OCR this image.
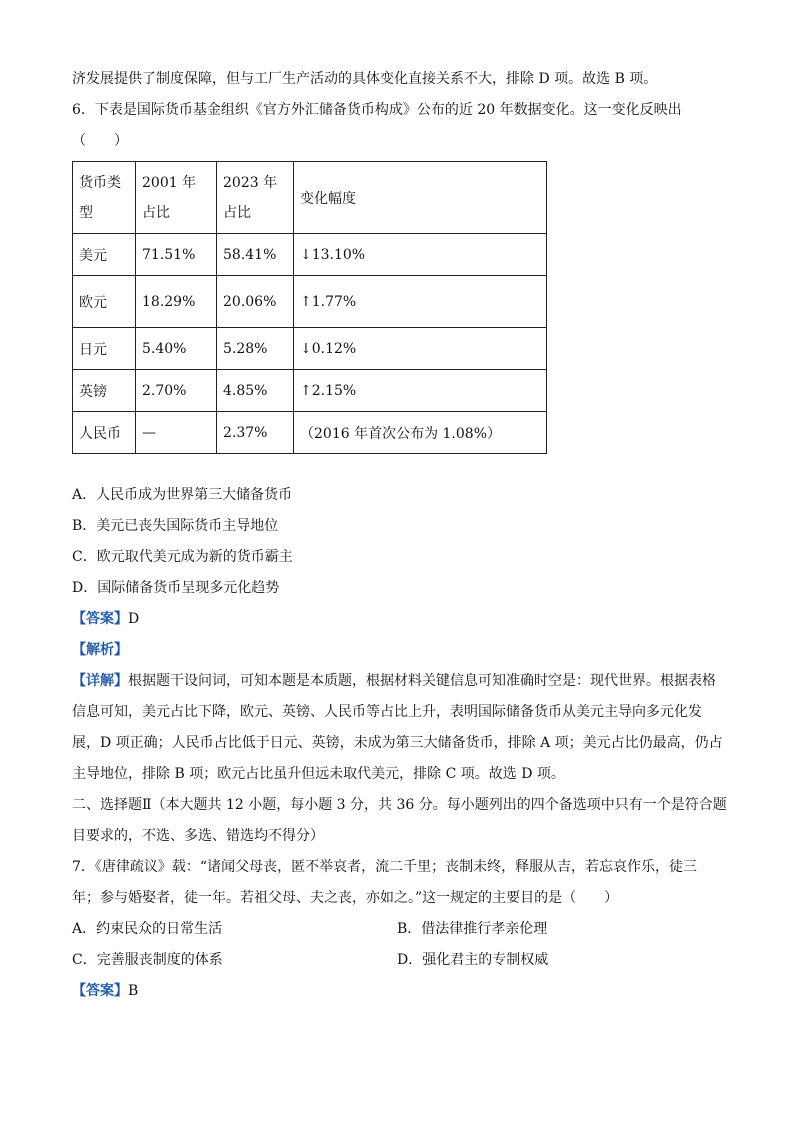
济发展提供了制度保障，但与工厂生产活动的具体变化直接关系不大，排除 D 项。故选 B 项。
6．下表是国际货币基金组织《官方外汇储备货币构成》公布的近 20 年数据变化。这一变化反映出
（　　）
货币类型	2001 年占比	2023 年占比	变化幅度
美元	71.51%	58.41%	↓13.10%
欧元	18.29%	20.06%	↑1.77%
日元	5.40%	5.28%	↓0.12%
英镑	2.70%	4.85%	↑2.15%
人民币	—	2.37%	（2016 年首次公布为 1.08%）
A．人民币成为世界第三大储备货币
B．美元已丧失国际货币主导地位
C．欧元取代美元成为新的货币霸主
D．国际储备货币呈现多元化趋势
【答案】D
【解析】
【详解】根据题干设问词，可知本题是本质题，根据材料关键信息可知准确时空是：现代世界。根据表格
信息可知，美元占比下降，欧元、英镑、人民币等占比上升，表明国际储备货币从美元主导向多元化发
展，D 项正确；人民币占比低于日元、英镑，未成为第三大储备货币，排除 A 项；美元占比仍最高，仍占
主导地位，排除 B 项；欧元占比虽升但远未取代美元，排除 C 项。故选 D 项。
二、选择题Ⅱ（本大题共 12 小题，每小题 3 分，共 36 分。每小题列出的四个备选项中只有一个是符合题
目要求的，不选、多选、错选均不得分）
7．《唐律疏议》载：“诸闻父母丧，匿不举哀者，流二千里；丧制未终，释服从吉，若忘哀作乐，徒三
年；参与婚娶者，徒一年。若祖父母、夫之丧，亦如之。”这一规定的主要目的是（　　）
A．约束民众的日常生活	B．借法律推行孝亲伦理
C．完善服丧制度的体系	D．强化君主的专制权威
【答案】B
